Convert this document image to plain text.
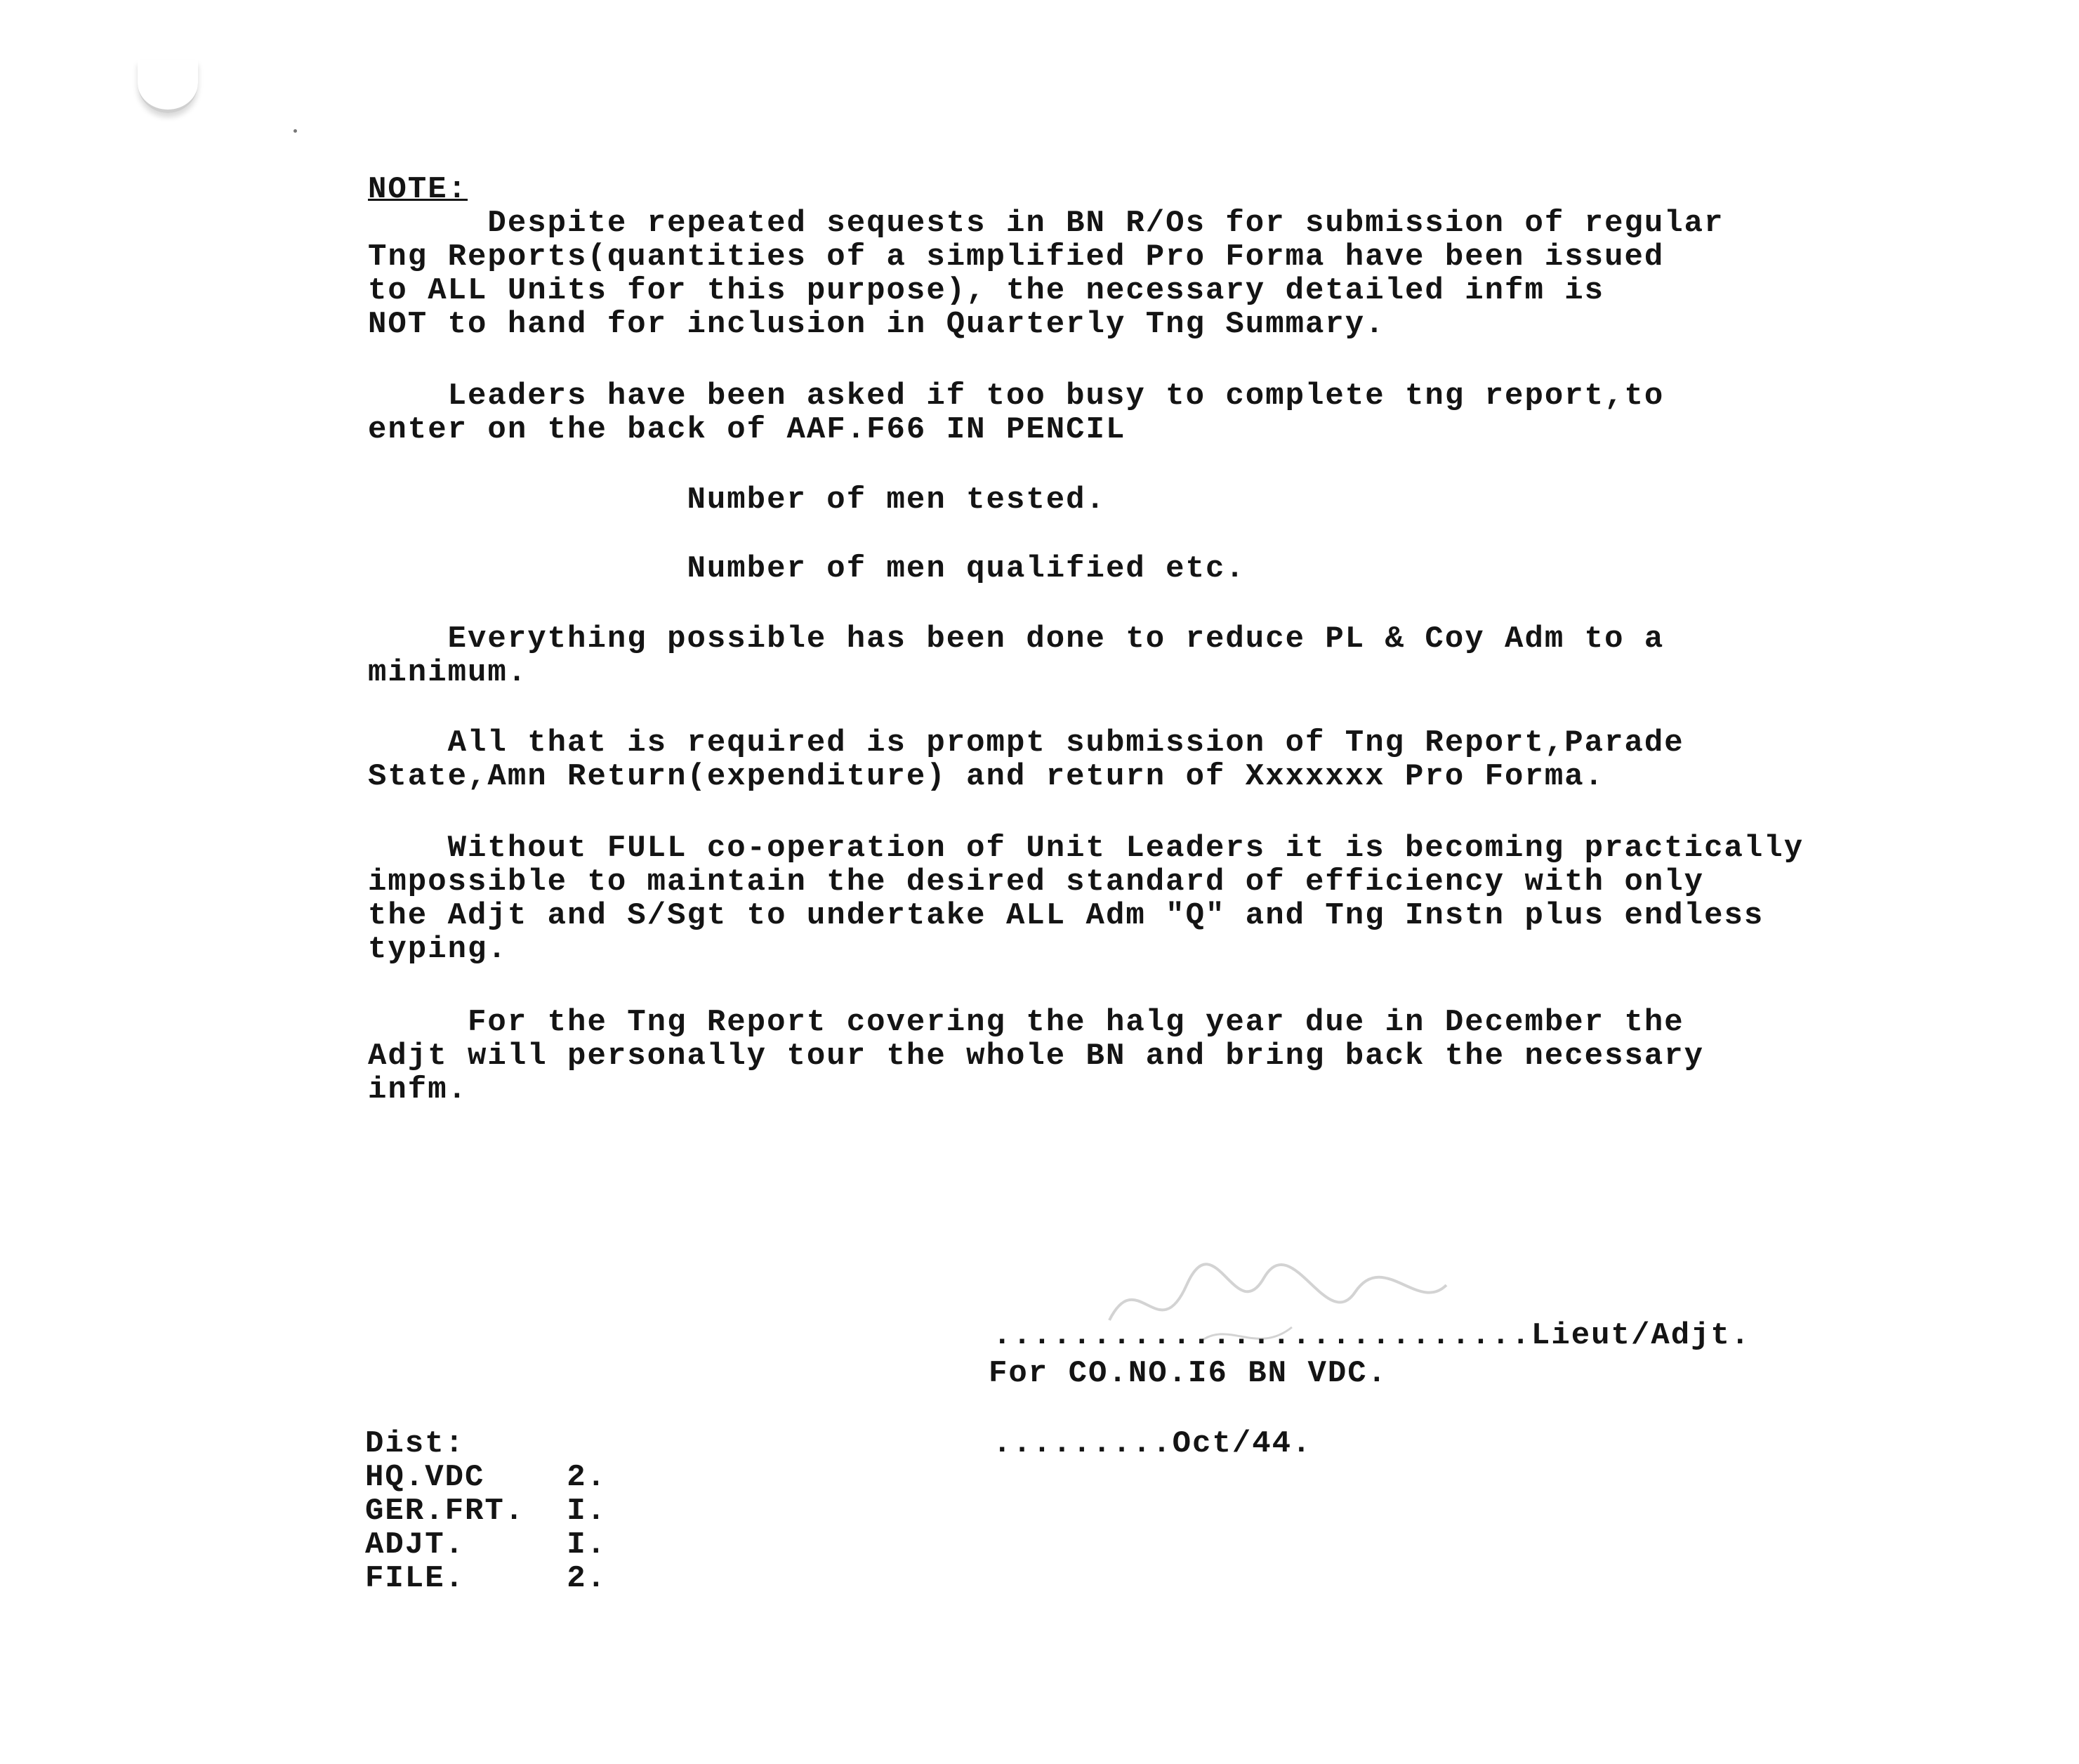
NOTE:
Despite repeated sequests in BN R/Os for submission of regular
Tng Reports(quantities of a simplified Pro Forma have been issued
to ALL Units for this purpose), the necessary detailed infm is
NOT to hand for inclusion in Quarterly Tng Summary.
Leaders have been asked if too busy to complete tng report,to
enter on the back of AAF.F66 IN PENCIL
Number of men tested.
Number of men qualified etc.
Everything possible has been done to reduce PL & Coy Adm to a
minimum.
All that is required is prompt submission of Tng Report,Parade
State,Amn Return(expenditure) and return of Xxxxxxx Pro Forma.
Without FULL co-operation of Unit Leaders it is becoming practically
impossible to maintain the desired standard of efficiency with only
the Adjt and S/Sgt to undertake ALL Adm "Q" and Tng Instn plus endless
typing.
For the Tng Report covering the halg year due in December the
Adjt will personally tour the whole BN and bring back the necessary
infm.
...........................Lieut/Adjt.
For CO.NO.I6 BN VDC.
.........Oct/44.
Dist:
HQ.VDC	2.
GER.FRT.	I.
ADJT.	I.
FILE.	2.
